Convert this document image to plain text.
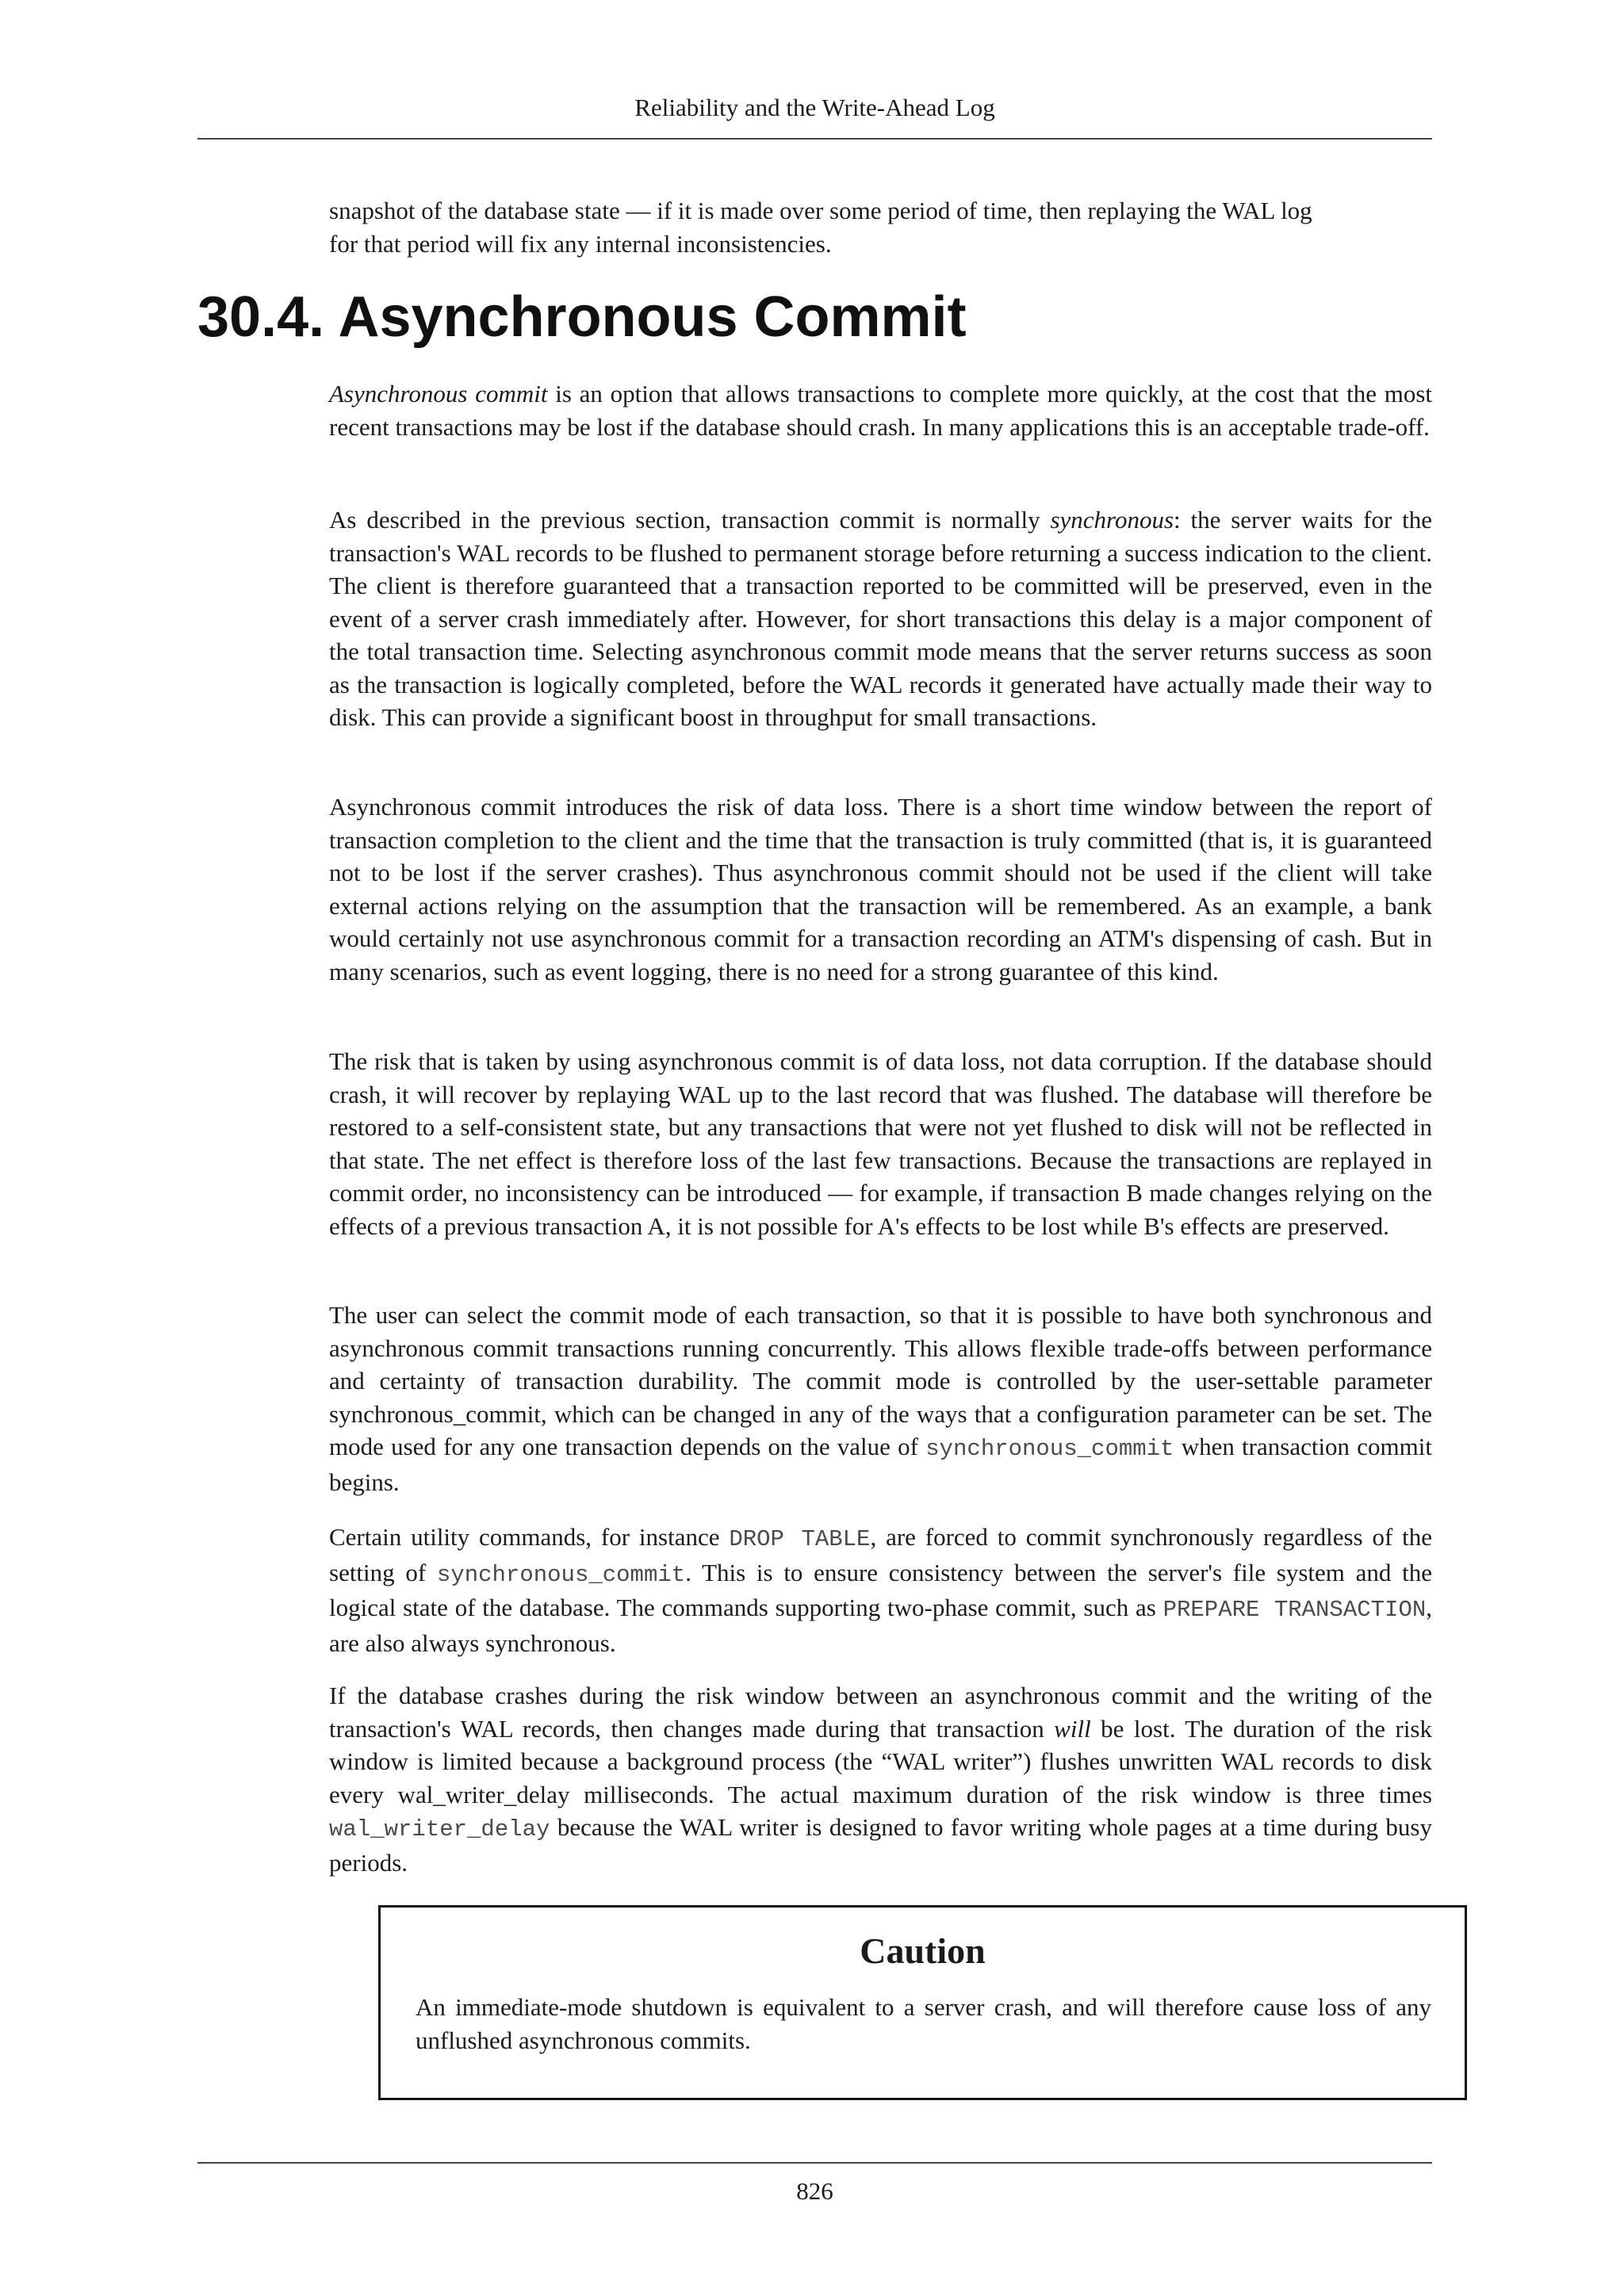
Reliability and the Write-Ahead Log
snapshot of the database state — if it is made over some period of time, then replaying the WAL log
for that period will fix any internal inconsistencies.
30.4. Asynchronous Commit

Asynchronous commit is an option that allows transactions to complete more quickly, at the cost that the most recent transactions may be lost if the database should crash. In many applications this is an acceptable trade-off.

As described in the previous section, transaction commit is normally synchronous: the server waits for the transaction's WAL records to be flushed to permanent storage before returning a success indication to the client. The client is therefore guaranteed that a transaction reported to be committed will be preserved, even in the event of a server crash immediately after. However, for short transactions this delay is a major component of the total transaction time. Selecting asynchronous commit mode means that the server returns success as soon as the transaction is logically completed, before the WAL records it generated have actually made their way to disk. This can provide a significant boost in throughput for small transactions.

Asynchronous commit introduces the risk of data loss. There is a short time window between the report of transaction completion to the client and the time that the transaction is truly committed (that is, it is guaranteed not to be lost if the server crashes). Thus asynchronous commit should not be used if the client will take external actions relying on the assumption that the transaction will be remembered. As an example, a bank would certainly not use asynchronous commit for a transaction recording an ATM's dispensing of cash. But in many scenarios, such as event logging, there is no need for a strong guarantee of this kind.

The risk that is taken by using asynchronous commit is of data loss, not data corruption. If the database should crash, it will recover by replaying WAL up to the last record that was flushed. The database will therefore be restored to a self-consistent state, but any transactions that were not yet flushed to disk will not be reflected in that state. The net effect is therefore loss of the last few transactions. Because the transactions are replayed in commit order, no inconsistency can be introduced — for example, if transaction B made changes relying on the effects of a previous transaction A, it is not possible for A's effects to be lost while B's effects are preserved.

The user can select the commit mode of each transaction, so that it is possible to have both synchronous and asynchronous commit transactions running concurrently. This allows flexible trade-offs between performance and certainty of transaction durability. The commit mode is controlled by the user-settable parameter synchronous_commit, which can be changed in any of the ways that a configuration parameter can be set. The mode used for any one transaction depends on the value of synchronous_commit when transaction commit begins.

Certain utility commands, for instance DROP TABLE, are forced to commit synchronously regardless of the setting of synchronous_commit. This is to ensure consistency between the server's file system and the logical state of the database. The commands supporting two-phase commit, such as PREPARE TRANSACTION, are also always synchronous.

If the database crashes during the risk window between an asynchronous commit and the writing of the transaction's WAL records, then changes made during that transaction will be lost. The duration of the risk window is limited because a background process (the “WAL writer”) flushes unwritten WAL records to disk every wal_writer_delay milliseconds. The actual maximum duration of the risk window is three times wal_writer_delay because the WAL writer is designed to favor writing whole pages at a time during busy periods.

Caution
An immediate-mode shutdown is equivalent to a server crash, and will therefore cause loss of any unflushed asynchronous commits.
826
